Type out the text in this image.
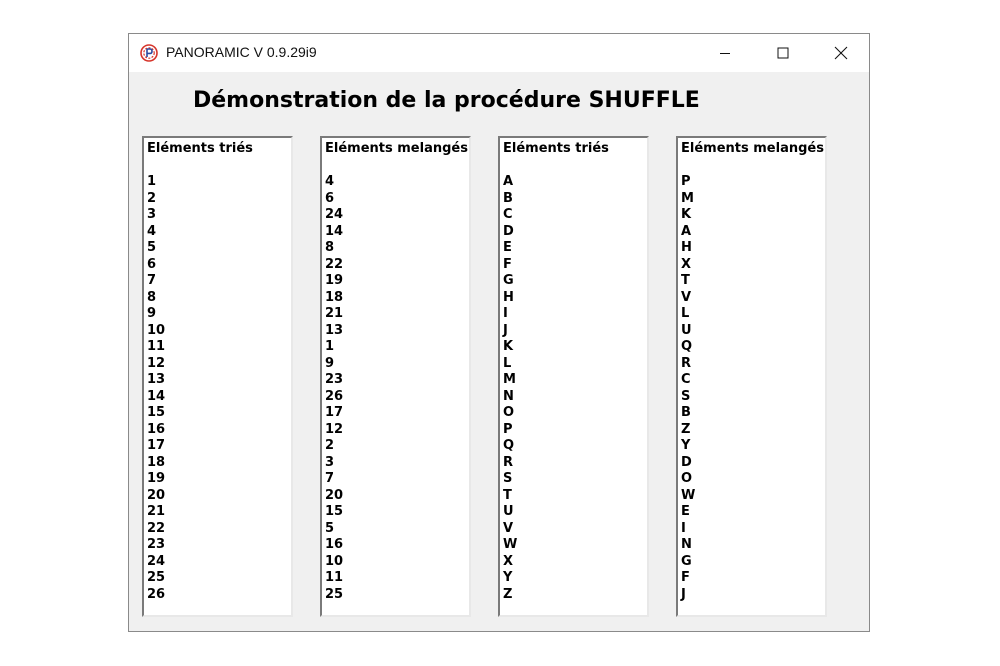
PANORAMIC V 0.9.29i9
Démonstration de la procédure SHUFFLE
Eléments triés
1
2
3
4
5
6
7
8
9
10
11
12
13
14
15
16
17
18
19
20
21
22
23
24
25
26
Eléments melangés
4
6
24
14
8
22
19
18
21
13
1
9
23
26
17
12
2
3
7
20
15
5
16
10
11
25
Eléments triés
A
B
C
D
E
F
G
H
I
J
K
L
M
N
O
P
Q
R
S
T
U
V
W
X
Y
Z
Eléments melangés
P
M
K
A
H
X
T
V
L
U
Q
R
C
S
B
Z
Y
D
O
W
E
I
N
G
F
J
